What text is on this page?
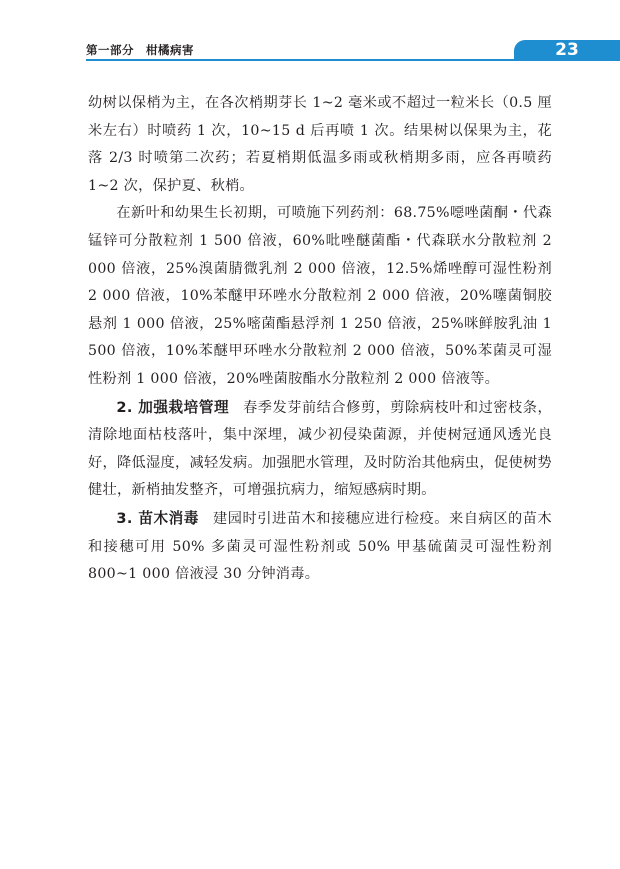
第一部分　柑橘病害	23

幼树以保梢为主，在各次梢期芽长 1~2 毫米或不超过一粒米长（0.5 厘米左右）时喷药 1 次，10~15 d 后再喷 1 次。结果树以保果为主，花落 2/3 时喷第二次药；若夏梢期低温多雨或秋梢期多雨，应各再喷药 1~2 次，保护夏、秋梢。

在新叶和幼果生长初期，可喷施下列药剂：68.75%噁唑菌酮・代森锰锌可分散粒剂 1 500 倍液，60%吡唑醚菌酯・代森联水分散粒剂 2 000 倍液，25%溴菌腈微乳剂 2 000 倍液，12.5%烯唑醇可湿性粉剂 2 000 倍液，10%苯醚甲环唑水分散粒剂 2 000 倍液，20%噻菌铜胶悬剂 1 000 倍液，25%嘧菌酯悬浮剂 1 250 倍液，25%咪鲜胺乳油 1 500 倍液，10%苯醚甲环唑水分散粒剂 2 000 倍液，50%苯菌灵可湿性粉剂 1 000 倍液，20%唑菌胺酯水分散粒剂 2 000 倍液等。

2. 加强栽培管理 春季发芽前结合修剪，剪除病枝叶和过密枝条，清除地面枯枝落叶，集中深埋，减少初侵染菌源，并使树冠通风透光良好，降低湿度，减轻发病。加强肥水管理，及时防治其他病虫，促使树势健壮，新梢抽发整齐，可增强抗病力，缩短感病时期。

3. 苗木消毒 建园时引进苗木和接穗应进行检疫。来自病区的苗木和接穗可用 50% 多菌灵可湿性粉剂或 50% 甲基硫菌灵可湿性粉剂 800~1 000 倍液浸 30 分钟消毒。
